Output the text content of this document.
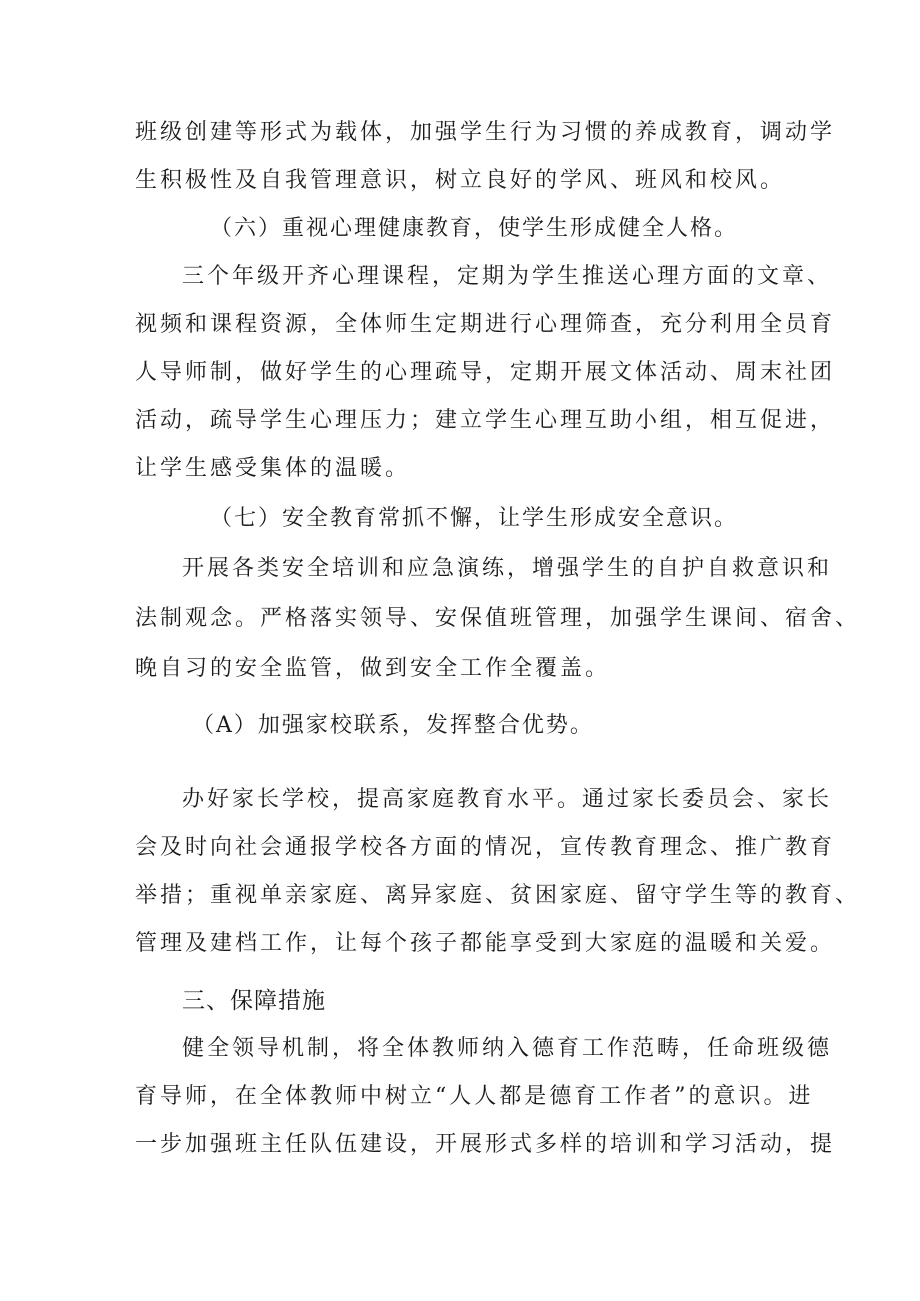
班级创建等形式为载体，加强学生行为习惯的养成教育，调动学
生积极性及自我管理意识，树立良好的学风、班风和校风。
（六）重视心理健康教育，使学生形成健全人格。
三个年级开齐心理课程，定期为学生推送心理方面的文章、
视频和课程资源，全体师生定期进行心理筛查，充分利用全员育
人导师制，做好学生的心理疏导，定期开展文体活动、周末社团
活动，疏导学生心理压力；建立学生心理互助小组，相互促进，
让学生感受集体的温暖。
（七）安全教育常抓不懈，让学生形成安全意识。
开展各类安全培训和应急演练，增强学生的自护自救意识和
法制观念。严格落实领导、安保值班管理，加强学生课间、宿舍、
晚自习的安全监管，做到安全工作全覆盖。
（A）加强家校联系，发挥整合优势。
办好家长学校，提高家庭教育水平。通过家长委员会、家长
会及时向社会通报学校各方面的情况，宣传教育理念、推广教育
举措；重视单亲家庭、离异家庭、贫困家庭、留守学生等的教育、
管理及建档工作，让每个孩子都能享受到大家庭的温暖和关爱。
三、保障措施
健全领导机制，将全体教师纳入德育工作范畴，任命班级德
育导师，在全体教师中树立“人人都是德育工作者”的意识。进
一步加强班主任队伍建设，开展形式多样的培训和学习活动，提
